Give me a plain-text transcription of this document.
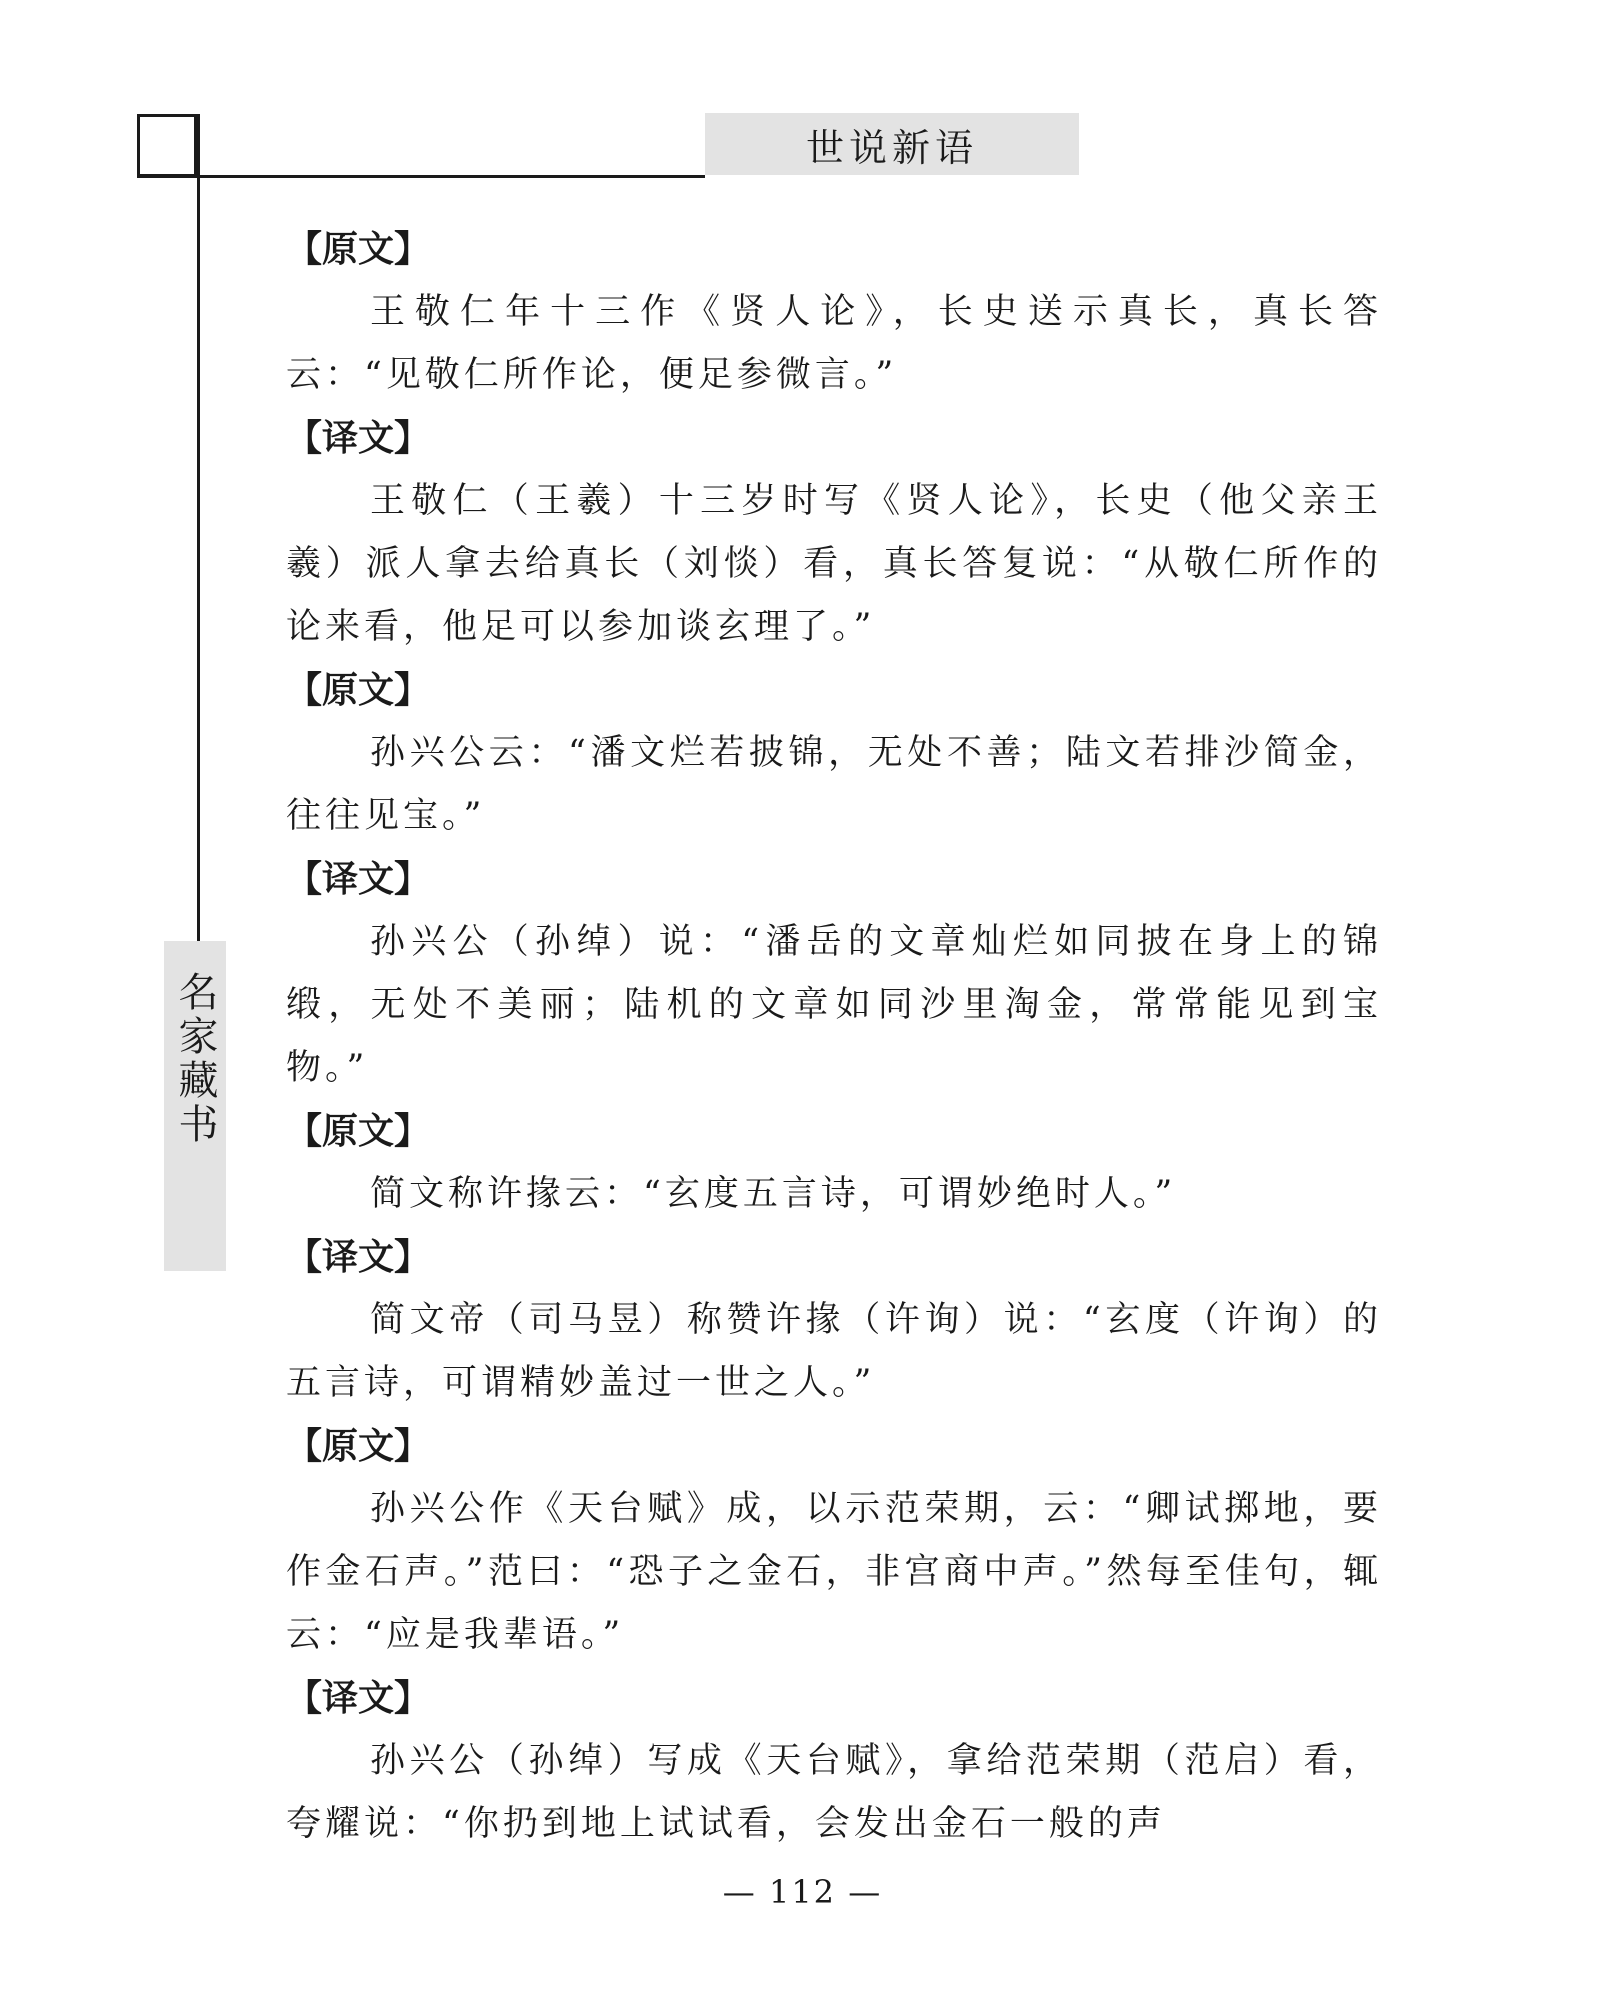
世说新语
名家藏书
【原文】

王敬仁年十三作《贤人论》，长史送示真长，真长答云：“见敬仁所作论，便足参微言。”

【译文】

王敬仁（王羲）十三岁时写《贤人论》，长史（他父亲王羲）派人拿去给真长（刘惔）看，真长答复说：“从敬仁所作的论来看，他足可以参加谈玄理了。”

【原文】

孙兴公云：“潘文烂若披锦，无处不善；陆文若排沙简金，往往见宝。”

【译文】

孙兴公（孙绰）说：“潘岳的文章灿烂如同披在身上的锦缎，无处不美丽；陆机的文章如同沙里淘金，常常能见到宝物。”

【原文】

简文称许掾云：“玄度五言诗，可谓妙绝时人。”

【译文】

简文帝（司马昱）称赞许掾（许询）说：“玄度（许询）的五言诗，可谓精妙盖过一世之人。”

【原文】

孙兴公作《天台赋》成，以示范荣期，云：“卿试掷地，要作金石声。”范曰：“恐子之金石，非宫商中声。”然每至佳句，辄云：“应是我辈语。”

【译文】

孙兴公（孙绰）写成《天台赋》，拿给范荣期（范启）看，夸耀说：“你扔到地上试试看，会发出金石一般的声

— 112 —
